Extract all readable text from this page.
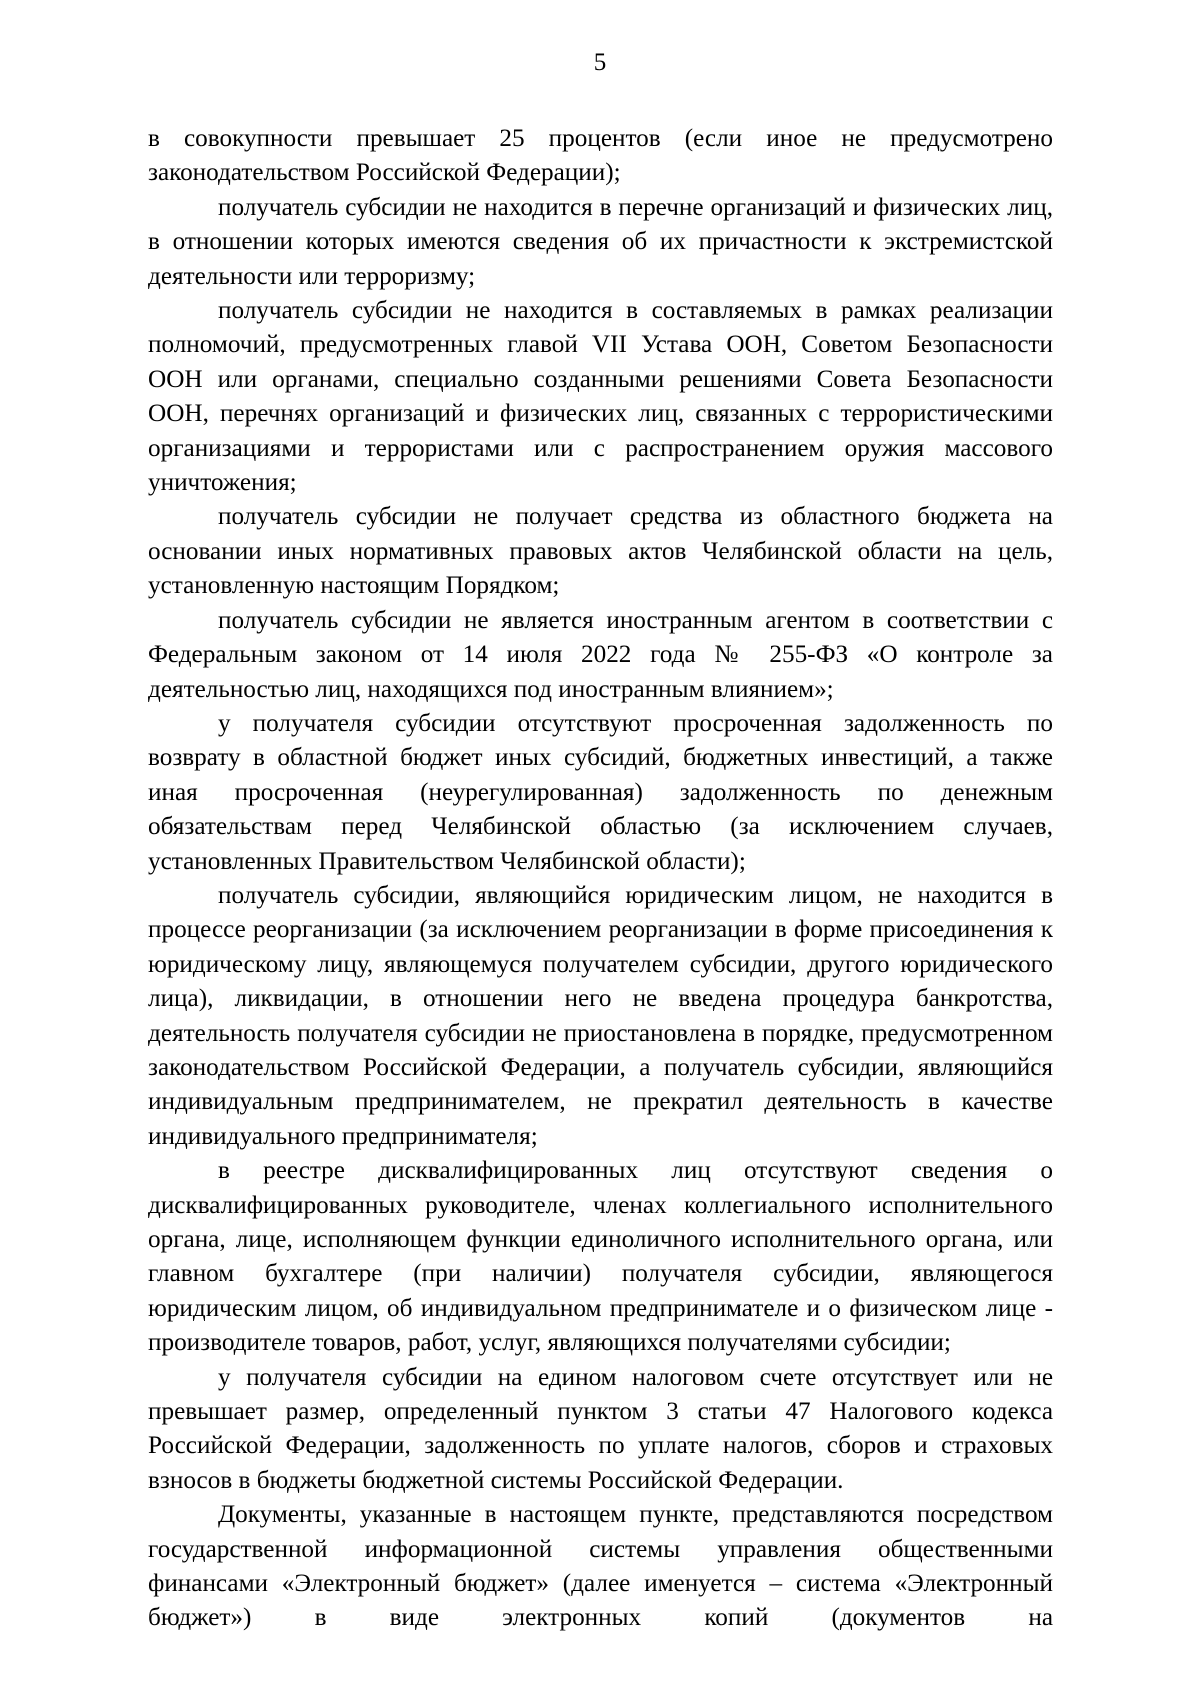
5

в совокупности превышает 25 процентов (если иное не предусмотрено законодательством Российской Федерации);

получатель субсидии не находится в перечне организаций и физических лиц, в отношении которых имеются сведения об их причастности к экстремистской деятельности или терроризму;

получатель субсидии не находится в составляемых в рамках реализации полномочий, предусмотренных главой VII Устава ООН, Советом Безопасности ООН или органами, специально созданными решениями Совета Безопасности ООН, перечнях организаций и физических лиц, связанных с террористическими организациями и террористами или с распространением оружия массового уничтожения;

получатель субсидии не получает средства из областного бюджета на основании иных нормативных правовых актов Челябинской области на цель, установленную настоящим Порядком;

получатель субсидии не является иностранным агентом в соответствии с Федеральным законом от 14 июля 2022 года № 255-ФЗ «О контроле за деятельностью лиц, находящихся под иностранным влиянием»;

у получателя субсидии отсутствуют просроченная задолженность по возврату в областной бюджет иных субсидий, бюджетных инвестиций, а также иная просроченная (неурегулированная) задолженность по денежным обязательствам перед Челябинской областью (за исключением случаев, установленных Правительством Челябинской области);

получатель субсидии, являющийся юридическим лицом, не находится в процессе реорганизации (за исключением реорганизации в форме присоединения к юридическому лицу, являющемуся получателем субсидии, другого юридического лица), ликвидации, в отношении него не введена процедура банкротства, деятельность получателя субсидии не приостановлена в порядке, предусмотренном законодательством Российской Федерации, а получатель субсидии, являющийся индивидуальным предпринимателем, не прекратил деятельность в качестве индивидуального предпринимателя;

в реестре дисквалифицированных лиц отсутствуют сведения о дисквалифицированных руководителе, членах коллегиального исполнительного органа, лице, исполняющем функции единоличного исполнительного органа, или главном бухгалтере (при наличии) получателя субсидии, являющегося юридическим лицом, об индивидуальном предпринимателе и о физическом лице - производителе товаров, работ, услуг, являющихся получателями субсидии;

у получателя субсидии на едином налоговом счете отсутствует или не превышает размер, определенный пунктом 3 статьи 47 Налогового кодекса Российской Федерации, задолженность по уплате налогов, сборов и страховых взносов в бюджеты бюджетной системы Российской Федерации.

Документы, указанные в настоящем пункте, представляются посредством государственной информационной системы управления общественными финансами «Электронный бюджет» (далее именуется – система «Электронный бюджет») в виде электронных копий (документов на
